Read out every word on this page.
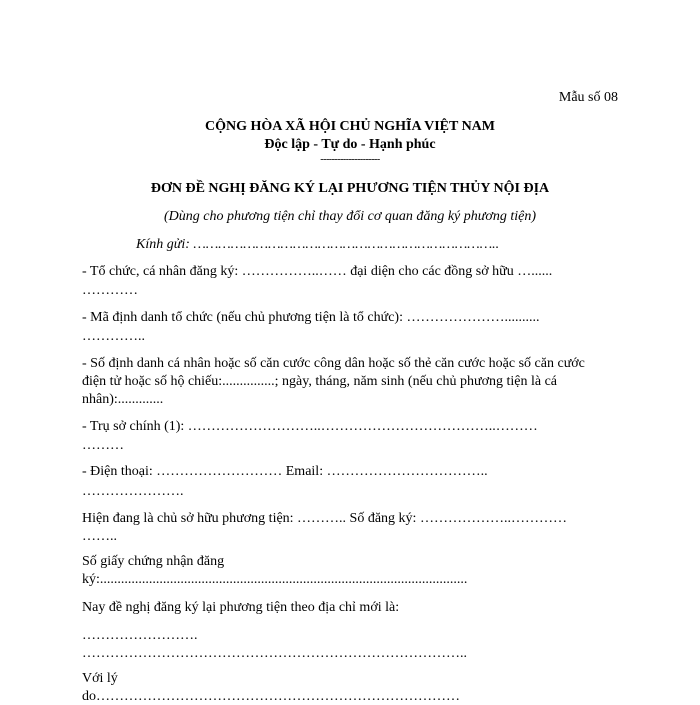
Mẫu số 08
CỘNG HÒA XÃ HỘI CHỦ NGHĨA VIỆT NAM
Độc lập - Tự do - Hạnh phúc
---------------------
ĐƠN ĐỀ NGHỊ ĐĂNG KÝ LẠI PHƯƠNG TIỆN THỦY NỘI ĐỊA
(Dùng cho phương tiện chỉ thay đổi cơ quan đăng ký phương tiện)
Kính gửi: ………………………………………………………………..
- Tổ chức, cá nhân đăng ký: ……………..…… đại diện cho các đồng sở hữu …......
…………
- Mã định danh tổ chức (nếu chủ phương tiện là tổ chức): …………………..........
…………..
- Số định danh cá nhân hoặc số căn cước công dân hoặc số thẻ căn cước hoặc số căn cước
điện tử hoặc số hộ chiếu:...............; ngày, tháng, năm sinh (nếu chủ phương tiện là cá
nhân):.............
- Trụ sở chính (1): ………………………..………………………………..………
………
- Điện thoại: ……………………… Email: ……………………………..
………………….
Hiện đang là chủ sở hữu phương tiện: ……….. Số đăng ký: ………………..…………
……..
Số giấy chứng nhận đăng
ký:.........................................................................................................
Nay đề nghị đăng ký lại phương tiện theo địa chỉ mới là:
…………………….
………………………………………………………………………..
Với lý
do……………………………………………………………………
